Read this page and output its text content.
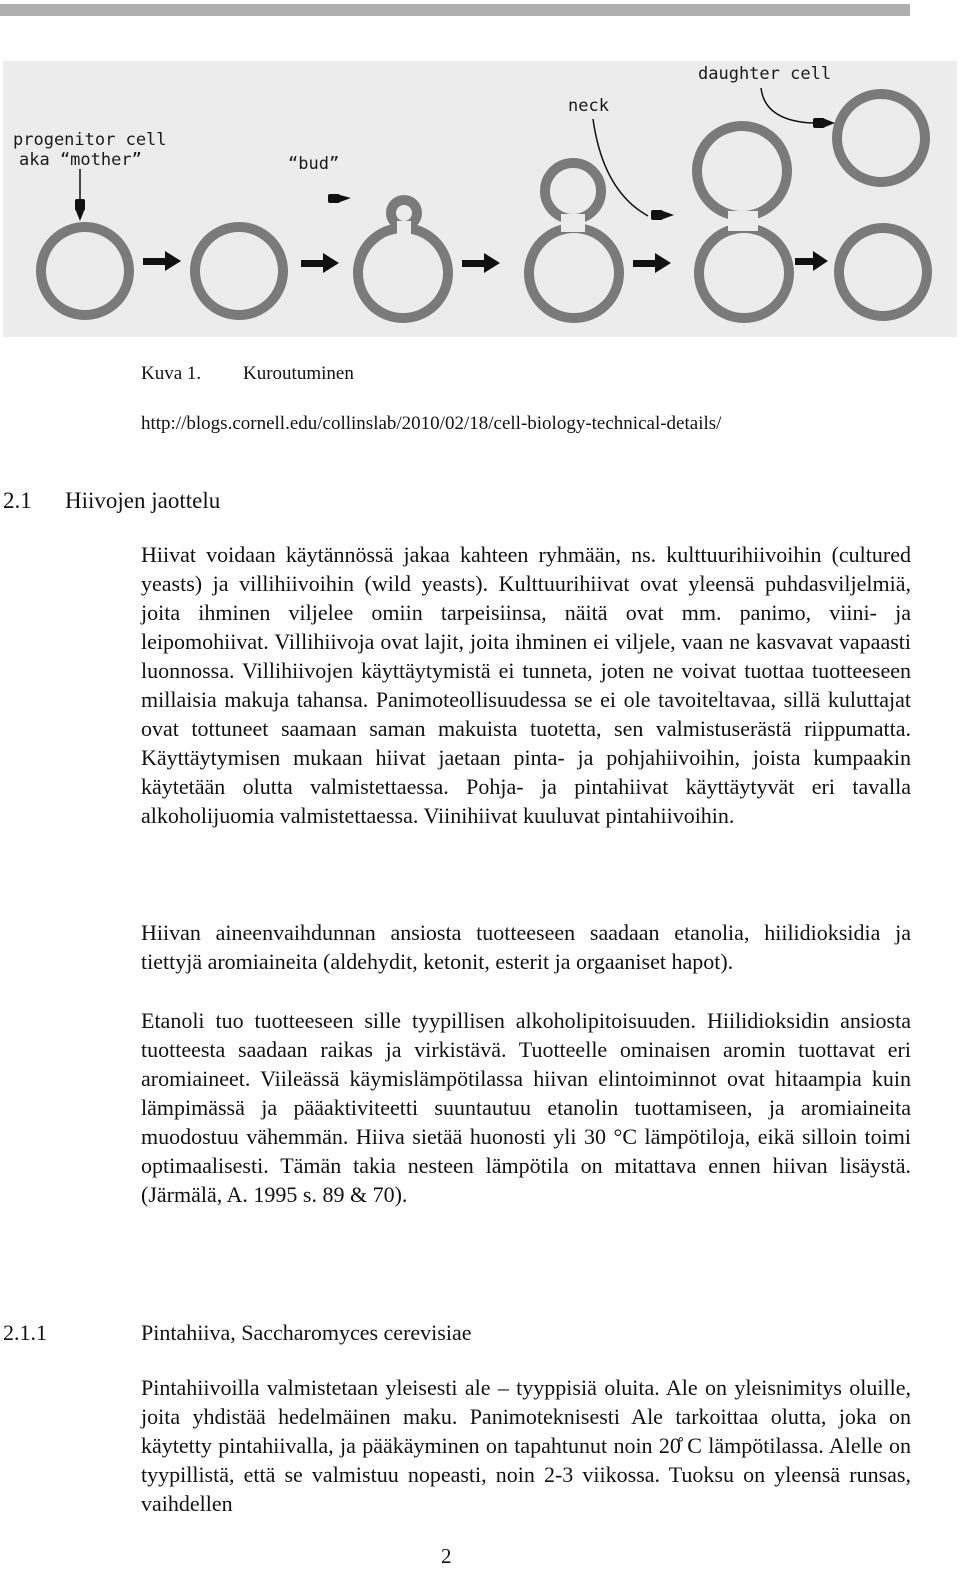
progenitor cell
aka “mother”	“bud”
neck
daughter cell
Kuva 1. Kuroutuminen
http://blogs.cornell.edu/collinslab/2010/02/18/cell-biology-technical-details/
2.1 Hiivojen jaottelu

Hiivat voidaan käytännössä jakaa kahteen ryhmään, ns. kulttuurihiivoihin (cultured yeasts) ja villihiivoihin (wild yeasts). Kulttuurihiivat ovat yleensä puhdasviljelmiä, joita ihminen viljelee omiin tarpeisiinsa, näitä ovat mm. panimo, viini- ja leipomohiivat. Villihiivoja ovat lajit, joita ihminen ei viljele, vaan ne kasvavat vapaasti luonnossa. Villihiivojen käyttäytymistä ei tunneta, joten ne voivat tuottaa tuotteeseen millaisia makuja tahansa. Panimoteollisuudessa se ei ole tavoiteltavaa, sillä kuluttajat ovat tottuneet saamaan saman makuista tuotetta, sen valmistuserästä riippumatta. Käyttäytymisen mukaan hiivat jaetaan pinta- ja pohjahiivoihin, joista kumpaakin käytetään olutta valmistettaessa. Pohja- ja pintahiivat käyttäytyvät eri tavalla alkoholijuomia valmistettaessa. Viinihiivat kuuluvat pintahiivoihin.

Hiivan aineenvaihdunnan ansiosta tuotteeseen saadaan etanolia, hiilidioksidia ja tiettyjä aromiaineita (aldehydit, ketonit, esterit ja orgaaniset hapot).

Etanoli tuo tuotteeseen sille tyypillisen alkoholipitoisuuden. Hiilidioksidin ansiosta tuotteesta saadaan raikas ja virkistävä. Tuotteelle ominaisen aromin tuottavat eri aromiaineet. Viileässä käymislämpötilassa hiivan elintoiminnot ovat hitaampia kuin lämpimässä ja pääaktiviteetti suuntautuu etanolin tuottamiseen, ja aromiaineita muodostuu vähemmän. Hiiva sietää huonosti yli 30 °C lämpötiloja, eikä silloin toimi optimaalisesti. Tämän takia nesteen lämpötila on mitattava ennen hiivan lisäystä.(Järmälä, A. 1995 s. 89 & 70).

2.1.1	Pintahiiva, Saccharomyces cerevisiae

Pintahiivoilla valmistetaan yleisesti ale – tyyppisiä oluita. Ale on yleisnimitys oluille, joita yhdistää hedelmäinen maku. Panimoteknisesti Ale tarkoittaa olutta, joka on käytetty pintahiivalla, ja pääkäyminen on tapahtunut noin 20̊ C lämpötilassa. Alelle on tyypillistä, että se valmistuu nopeasti, noin 2-3 viikossa. Tuoksu on yleensä runsas, vaihdellen

2
